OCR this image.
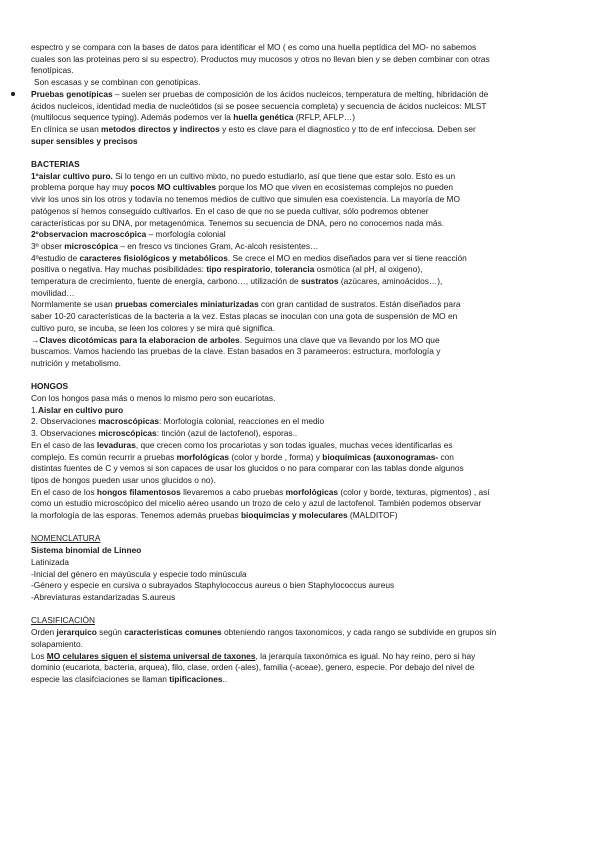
espectro y se compara con la bases de datos para identificar el MO ( es como una huella peptídica del MO- no sabemos

cuales son las proteinas pero si su espectro). Productos muy mucosos y otros no llevan bien y se deben combinar con otras

fenotípicas.

Son escasas y se combinan con genotipicas.

Pruebas genotípicas – suelen ser pruebas de composición de los ácidos nucleicos, temperatura de melting, hibridación de

ácidos nucleicos, identidad media de nucleótidos (si se posee secuencia completa) y secuencia de ácidos nucleicos: MLST

(multilocus sequence typing). Además podemos ver la huella genética (RFLP, AFLP…)

En clínica se usan metodos directos y indirectos y esto es clave para el diagnostico y tto de enf infecciosa. Deben ser

super sensibles y precisos

BACTERIAS

1ºaislar cultivo puro. Si lo tengo en un cultivo mixto, no puedo estudiarlo, así que tiene que estar solo. Esto es un

problema porque hay muy pocos MO cultivables porque los MO que viven en ecosistemas complejos no pueden

vivir los unos sin los otros y todavía no tenemos medios de cultivo que simulen esa coexistencia. La mayoría de MO

patógenos sí hemos conseguido cultivarlos. En el caso de que no se pueda cultivar, sólo podremos obtener

características por su DNA, por metagenómica. Tenemos su secuencia de DNA, pero no conocemos nada más.

2ºobservacion macroscópica – morfología colonial

3º obser microscópica – en fresco vs tinciones Gram, Ac-alcoh resistentes…

4ºestudio de caracteres fisiológicos y metabólicos. Se crece el MO en medios diseñados para ver si tiene reacción

positiva o negativa. Hay muchas posibilidades: tipo respiratorio, tolerancia osmótica (al pH, al oxigeno),

temperatura de crecimiento, fuente de energía, carbono…, utilización de sustratos (azúcares, aminoácidos…),

movilidad…

Normlamente se usan pruebas comerciales miniaturizadas con gran cantidad de sustratos. Están diseñados para

saber 10-20 características de la bacteria a la vez. Estas placas se inoculan con una gota de suspensión de MO en

cultivo puro, se incuba, se leen los colores y se mira qué significa.

→Claves dicotómicas para la elaboracion de arboles. Seguimos una clave que va llevando por los MO que

buscamos. Vamos haciendo las pruebas de la clave. Estan basados en 3 parameeros: estructura, morfología y

nutrición y metabolismo.

HONGOS

Con los hongos pasa más o menos lo mismo pero son eucariotas.

1.Aislar en cultivo puro

2. Observaciones macroscópicas: Morfología colonial, reacciones en el medio

3. Observaciones microscópicas: tinción (azul de lactofenol), esporas..

En el caso de las levaduras, que crecen como los procariotas y son todas iguales, muchas veces identificarlas es

complejo. Es común recurrir a pruebas morfológicas (color y borde , forma) y bioquímicas (auxonogramas- con

distintas fuentes de C y vemos si son capaces de usar los glucidos o no para comparar con las tablas donde algunos

tipos de hongos pueden usar unos glucidos o no).

En el caso de los hongos filamentosos llevaremos a cabo pruebas morfológicas (color y borde, texturas, pigmentos) , así

como un estudio microscópico del micelio aéreo usando un trozo de celo y azul de lactofenol. También podemos observar

la morfología de las esporas. Tenemos además pruebas bioquimcias y moleculares (MALDITOF)

NOMENCLATURA

Sistema binomial de Linneo

Latinizada

-Inicial del género en mayúscula y especie todo minúscula

-Género y especie en cursiva o subrayados Staphylococcus aureus o bien Staphylococcus aureus

-Abreviaturas estandarizadas S.aureus

CLASIFICACIÓN

Orden jerarquico según caracteristicas comunes obteniendo rangos taxonomicos, y cada rango se subdivide en grupos sin

solapamiento.

Los MO celulares siguen el sistema universal de taxones, la jerarquía taxonómica es igual. No hay reino, pero si hay

dominio (eucariota, bacteria, arquea), filo, clase, orden (-ales), familia (-aceae), genero, especie. Por debajo del nivel de

especie las clasifciaciones se llaman tipificaciones..
